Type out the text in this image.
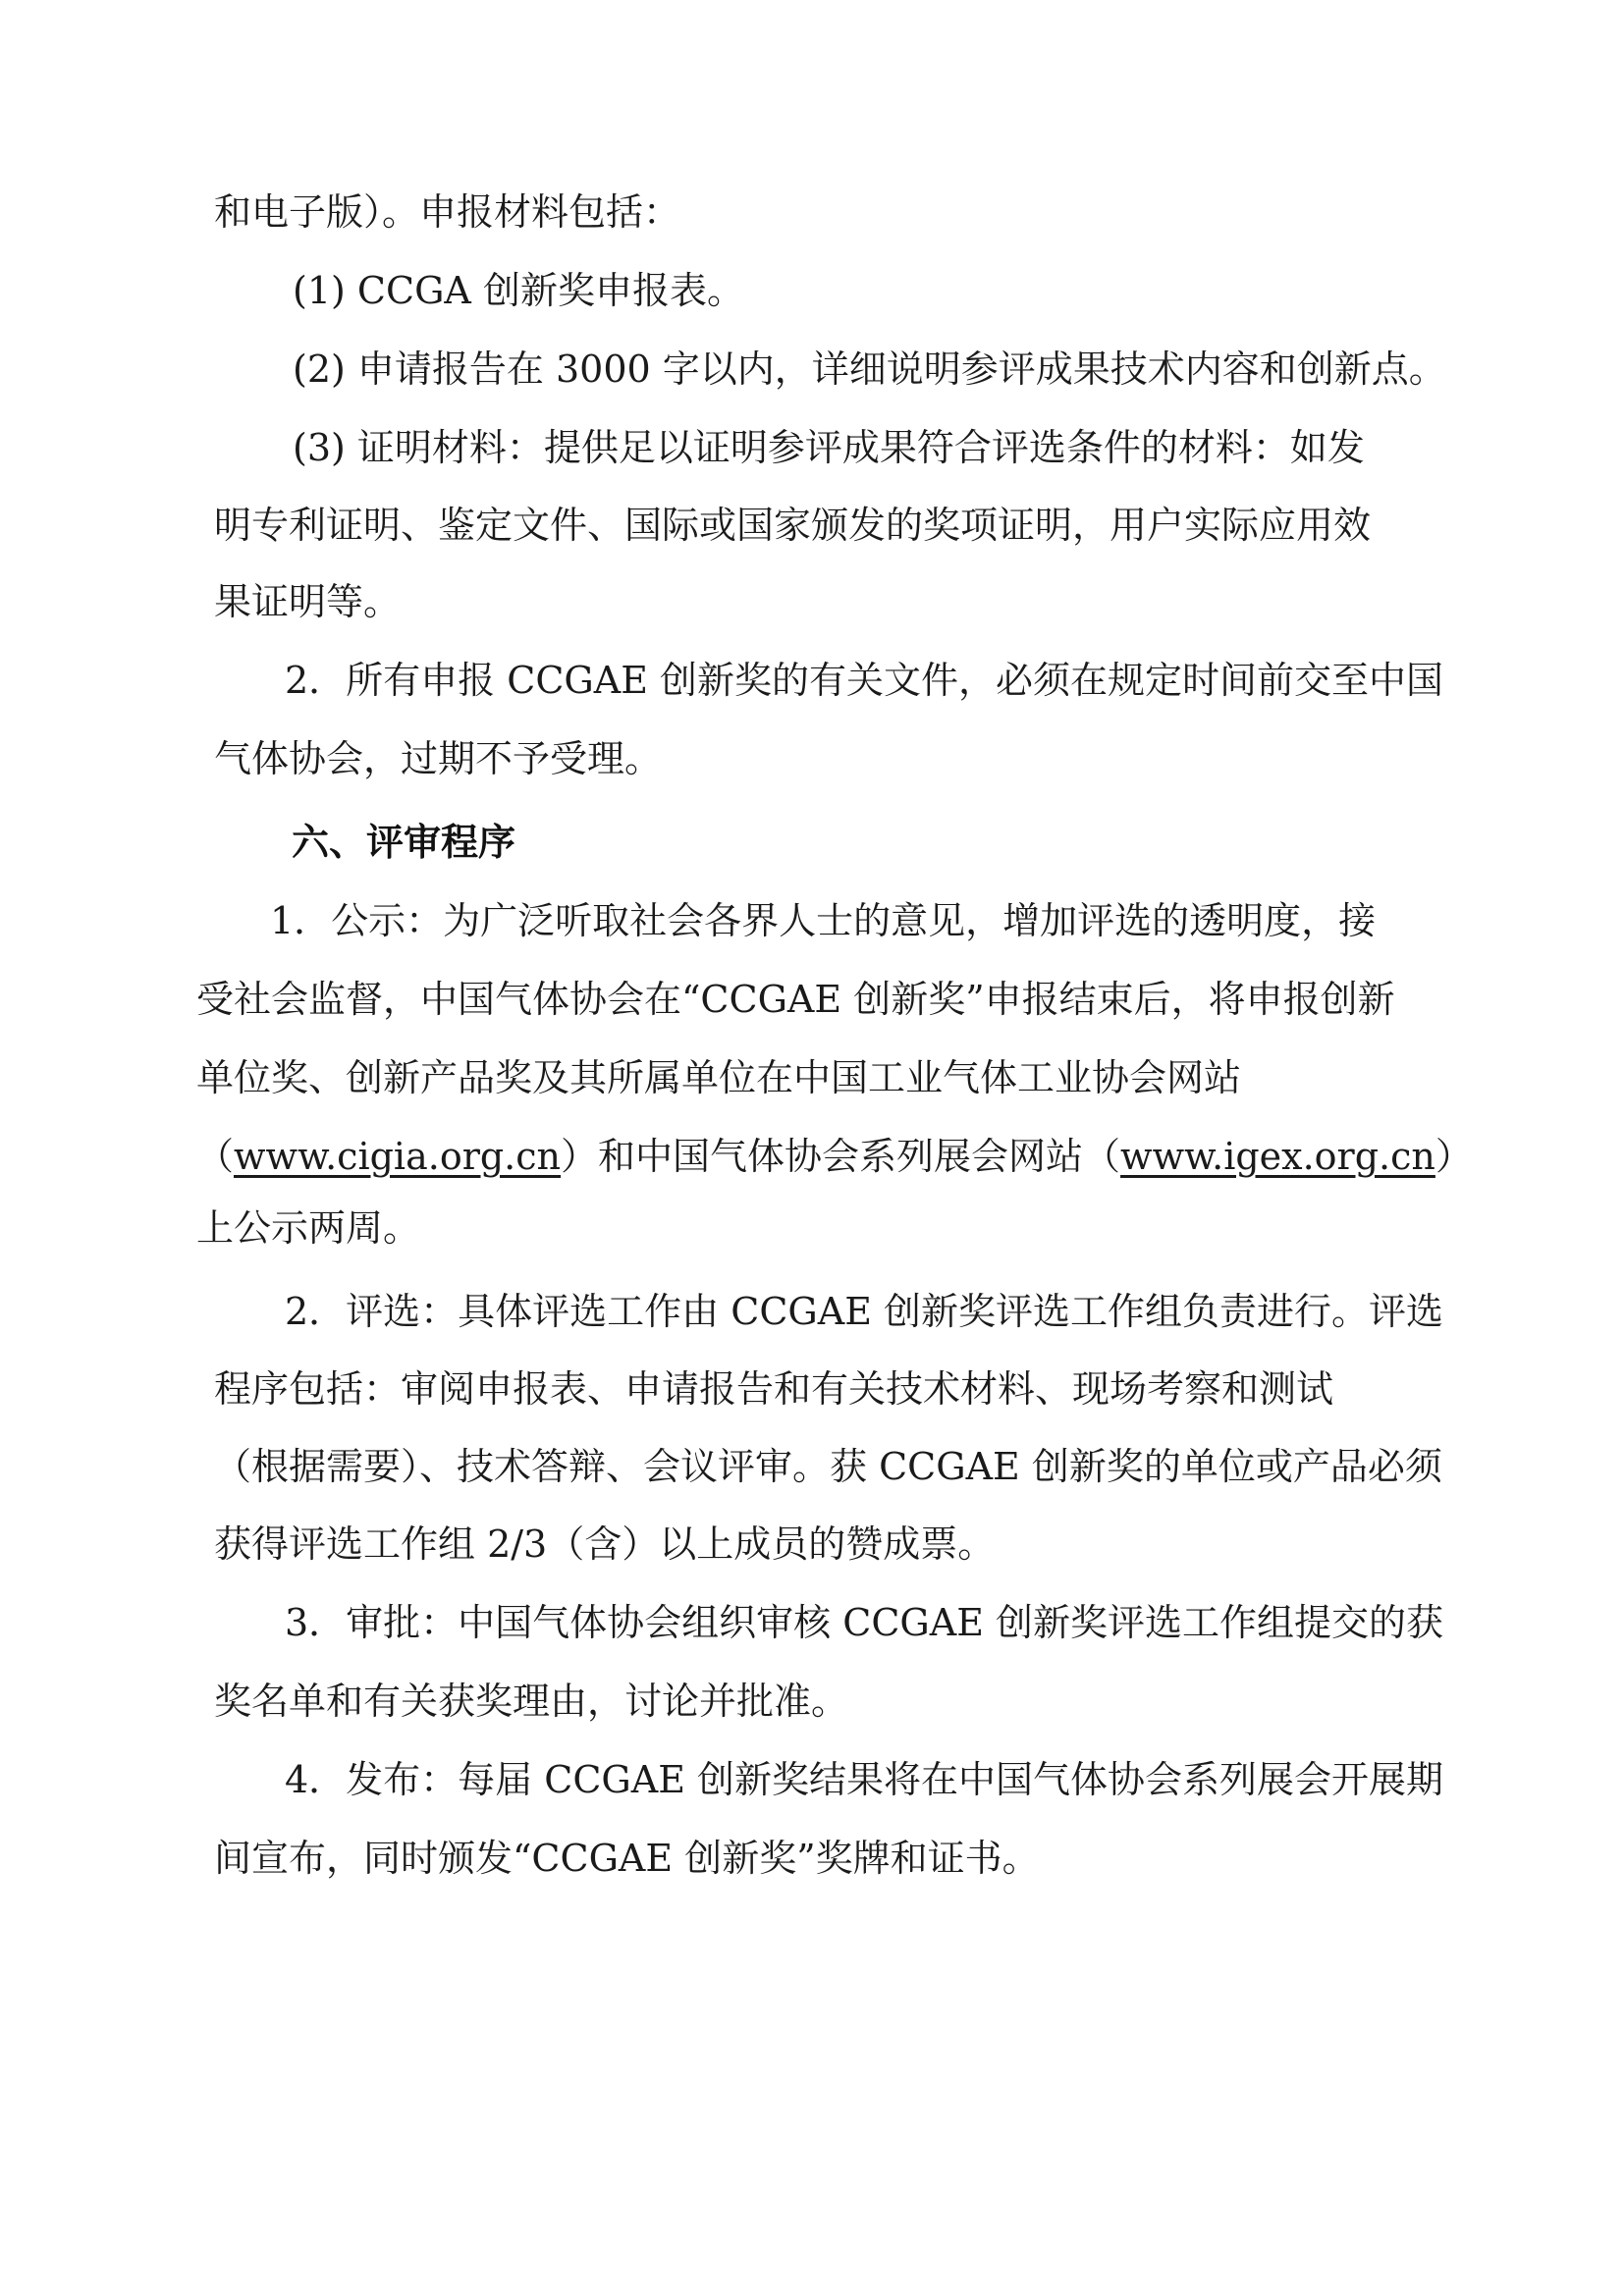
和电子版）。申报材料包括：
(1) CCGA 创新奖申报表。
(2) 申请报告在 3000 字以内，详细说明参评成果技术内容和创新点。
(3) 证明材料：提供足以证明参评成果符合评选条件的材料：如发
明专利证明、鉴定文件、国际或国家颁发的奖项证明，用户实际应用效
果证明等。
2．所有申报 CCGAE 创新奖的有关文件，必须在规定时间前交至中国
气体协会，过期不予受理。
六、评审程序
1．公示：为广泛听取社会各界人士的意见，增加评选的透明度，接
受社会监督，中国气体协会在“CCGAE 创新奖”申报结束后，将申报创新
单位奖、创新产品奖及其所属单位在中国工业气体工业协会网站
（www.cigia.org.cn）和中国气体协会系列展会网站（www.igex.org.cn）
上公示两周。
2．评选：具体评选工作由 CCGAE 创新奖评选工作组负责进行。评选
程序包括：审阅申报表、申请报告和有关技术材料、现场考察和测试
（根据需要）、技术答辩、会议评审。获 CCGAE 创新奖的单位或产品必须
获得评选工作组 2/3（含）以上成员的赞成票。
3．审批：中国气体协会组织审核 CCGAE 创新奖评选工作组提交的获
奖名单和有关获奖理由，讨论并批准。
4．发布：每届 CCGAE 创新奖结果将在中国气体协会系列展会开展期
间宣布，同时颁发“CCGAE 创新奖”奖牌和证书。
